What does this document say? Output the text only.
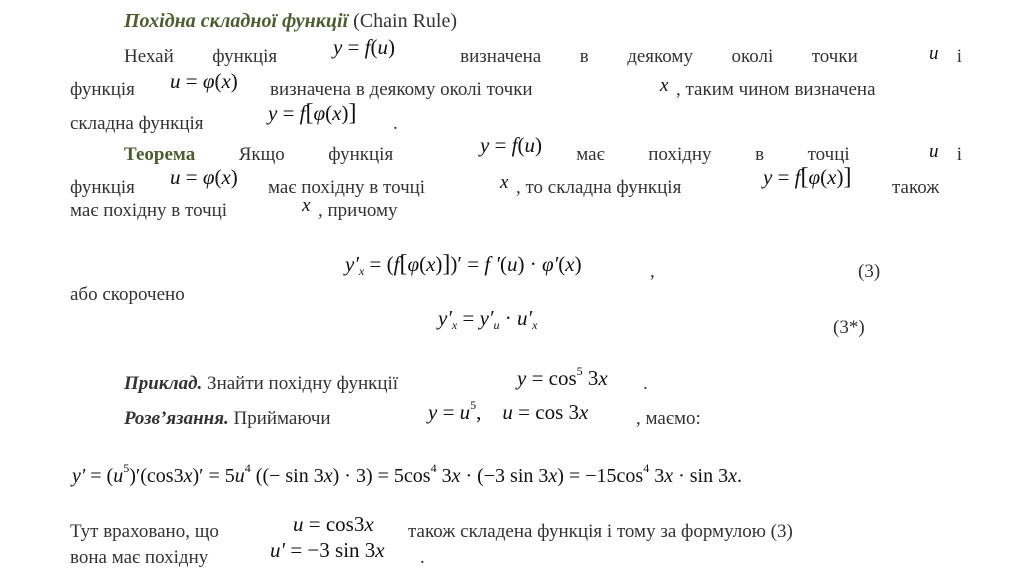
Похідна складної функції (Chain Rule)
Нехай функція	визначена в деякому околі точки	і
y = f(u)	u
функція u = φ(x) визначена в деякому околі точки	x , таким чином визначена
складна функція	y = f[φ(x)] .
Теорема Якщо функція	має похідну в точці	і
y = f(u)	u
функція u = φ(x) має похідну в точці	x , то складна функція	y = f[φ(x)] також
має похідну в точці	x , причому
$y'_x = (f[\varphi(x)])' = f$ ′(u) · φ′(x)	,	(3)
або скорочено
$y'_x = y'_u \cdot u'_x$	(3*)
Приклад. Знайти похідну функції	$y = \cos^5 3x$ .
Розв’язання. Приймаючи	$y = u^5$,    u = cos 3x	, маємо:
$y' = (u^5)'(\cos 3x)' = 5u^4$ ((− $\sin 3x) \cdot 3) = 5\cos^4$ 3x · (−3 $\sin 3x) = -15\cos^4$ 3x · sin 3x.
Тут враховано, що	u = cos3x також складена функція і тому за формулою (3)
вона має похідну	u′ = −3 sin 3x .
